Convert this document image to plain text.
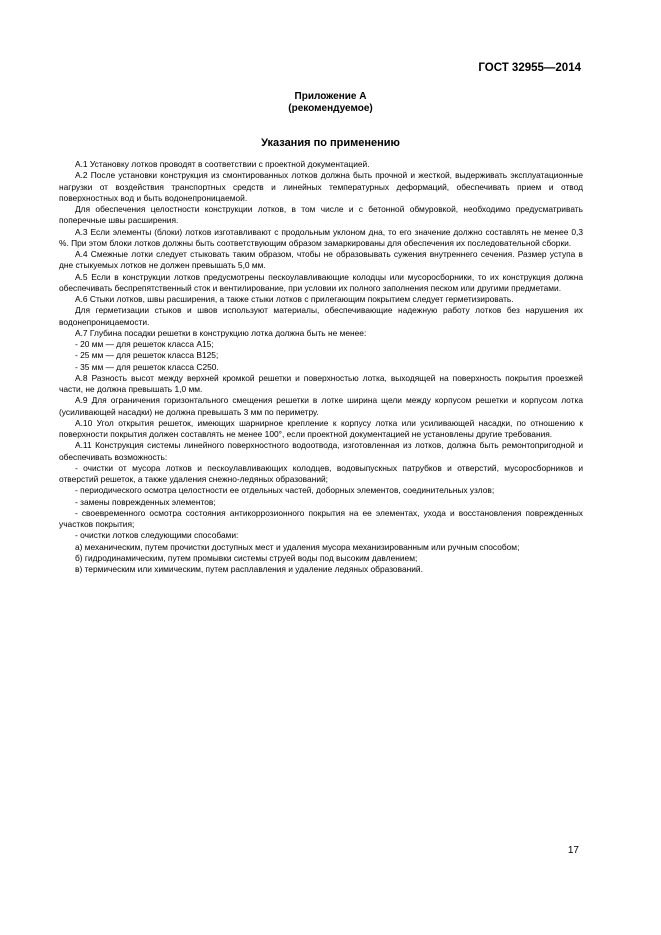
ГОСТ 32955—2014
Приложение А
(рекомендуемое)
Указания по применению

А.1 Установку лотков проводят в соответствии с проектной документацией.

А.2 После установки конструкция из смонтированных лотков должна быть прочной и жесткой, выдерживать эксплуатационные нагрузки от воздействия транспортных средств и линейных температурных деформаций, обеспечивать прием и отвод поверхностных вод и быть водонепроницаемой.

Для обеспечения целостности конструкции лотков, в том числе и с бетонной обмуровкой, необходимо предусматривать поперечные швы расширения.

А.3 Если элементы (блоки) лотков изготавливают с продольным уклоном дна, то его значение должно составлять не менее 0,3 %. При этом блоки лотков должны быть соответствующим образом замаркированы для обеспечения их последовательной сборки.

А.4 Смежные лотки следует стыковать таким образом, чтобы не образовывать сужения внутреннего сечения. Размер уступа в дне стыкуемых лотков не должен превышать 5,0 мм.

А.5 Если в конструкции лотков предусмотрены пескоулавливающие колодцы или мусоросборники, то их конструкция должна обеспечивать беспрепятственный сток и вентилирование, при условии их полного заполнения песком или другими предметами.

А.6 Стыки лотков, швы расширения, а также стыки лотков с прилегающим покрытием следует герметизировать.

Для герметизации стыков и швов используют материалы, обеспечивающие надежную работу лотков без нарушения их водонепроницаемости.

А.7 Глубина посадки решетки в конструкцию лотка должна быть не менее:

- 20 мм — для решеток класса А15;

- 25 мм — для решеток класса В125;

- 35 мм — для решеток класса С250.

А.8 Разность высот между верхней кромкой решетки и поверхностью лотка, выходящей на поверхность покрытия проезжей части, не должна превышать 1,0 мм.

А.9 Для ограничения горизонтального смещения решетки в лотке ширина щели между корпусом решетки и корпусом лотка (усиливающей насадки) не должна превышать 3 мм по периметру.

А.10 Угол открытия решеток, имеющих шарнирное крепление к корпусу лотка или усиливающей насадки, по отношению к поверхности покрытия должен составлять не менее 100°, если проектной документацией не установлены другие требования.

А.11 Конструкция системы линейного поверхностного водоотвода, изготовленная из лотков, должна быть ремонтопригодной и обеспечивать возможность:

- очистки от мусора лотков и пескоулавливающих колодцев, водовыпускных патрубков и отверстий, мусоросборников и отверстий решеток, а также удаления снежно-ледяных образований;

- периодического осмотра целостности ее отдельных частей, доборных элементов, соединительных узлов;

- замены поврежденных элементов;

- своевременного осмотра состояния антикоррозионного покрытия на ее элементах, ухода и восстановления поврежденных участков покрытия;

- очистки лотков следующими способами:

а) механическим, путем прочистки доступных мест и удаления мусора механизированным или ручным способом;

б) гидродинамическим, путем промывки системы струей воды под высоким давлением;

в) термическим или химическим, путем расплавления и удаление ледяных образований.

17
